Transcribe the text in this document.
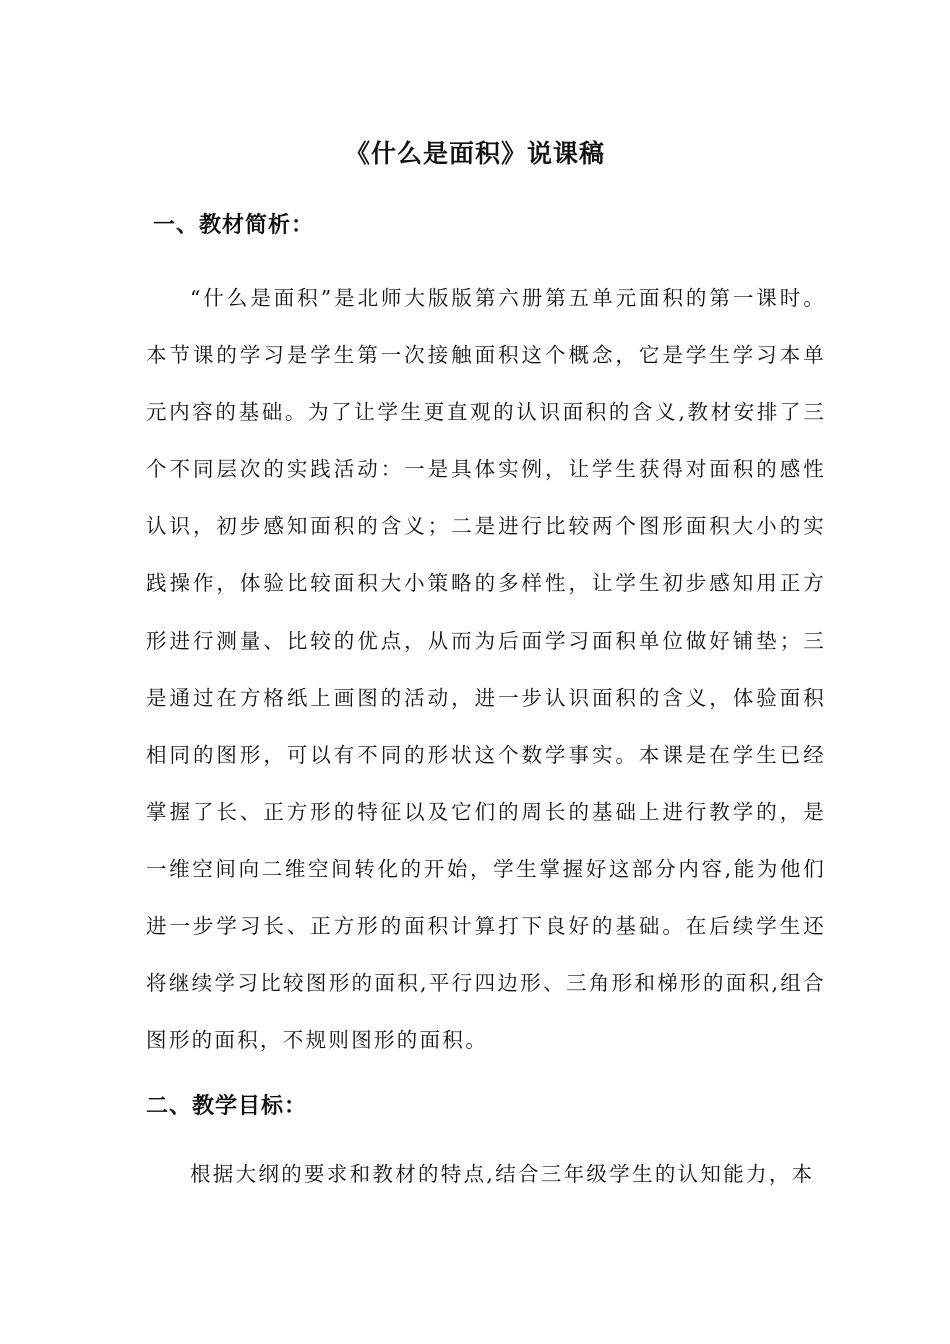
《什么是面积》说课稿
一、教材简析：
“什么是面积”是北师大版版第六册第五单元面积的第一课时。本节课的学习是学生第一次接触面积这个概念，它是学生学习本单元内容的基础。为了让学生更直观的认识面积的含义,教材安排了三个不同层次的实践活动：一是具体实例，让学生获得对面积的感性认识，初步感知面积的含义；二是进行比较两个图形面积大小的实践操作，体验比较面积大小策略的多样性，让学生初步感知用正方形进行测量、比较的优点，从而为后面学习面积单位做好铺垫；三是通过在方格纸上画图的活动，进一步认识面积的含义，体验面积相同的图形，可以有不同的形状这个数学事实。本课是在学生已经掌握了长、正方形的特征以及它们的周长的基础上进行教学的，是一维空间向二维空间转化的开始，学生掌握好这部分内容,能为他们进一步学习长、正方形的面积计算打下良好的基础。在后续学生还将继续学习比较图形的面积,平行四边形、三角形和梯形的面积,组合图形的面积，不规则图形的面积。
二、教学目标：
根据大纲的要求和教材的特点,结合三年级学生的认知能力，本
